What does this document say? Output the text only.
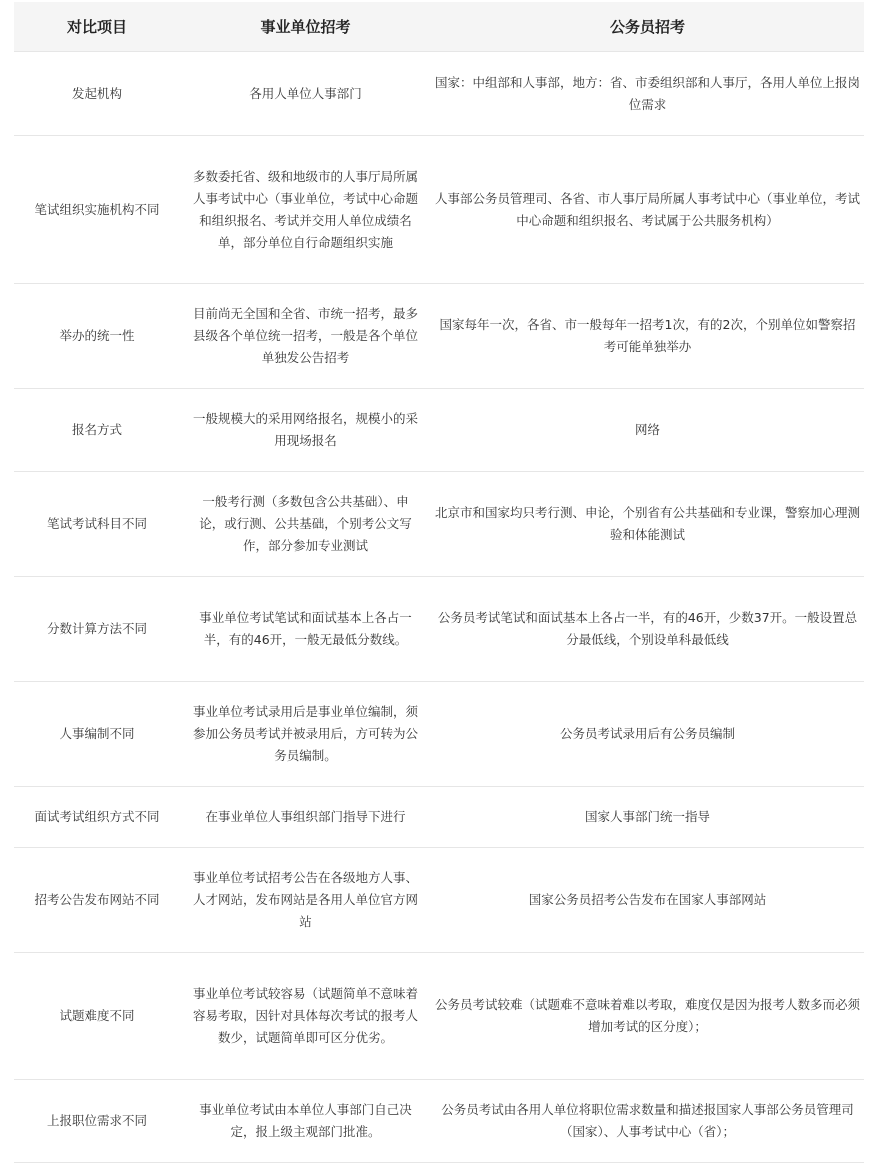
对比项目	事业单位招考	公务员招考
发起机构	各用人单位人事部门	国家：中组部和人事部，地方：省、市委组织部和人事厅，各用人单位上报岗位需求
笔试组织实施机构不同	多数委托省、级和地级市的人事厅局所属人事考试中心（事业单位，考试中心命题和组织报名、考试并交用人单位成绩名单，部分单位自行命题组织实施	人事部公务员管理司、各省、市人事厅局所属人事考试中心（事业单位，考试中心命题和组织报名、考试属于公共服务机构）
举办的统一性	目前尚无全国和全省、市统一招考，最多县级各个单位统一招考，一般是各个单位单独发公告招考	国家每年一次，各省、市一般每年一招考1次，有的2次，个别单位如警察招考可能单独举办
报名方式	一般规模大的采用网络报名，规模小的采用现场报名	网络
笔试考试科目不同	一般考行测（多数包含公共基础）、申论，或行测、公共基础，个别考公文写作，部分参加专业测试	北京市和国家均只考行测、申论，个别省有公共基础和专业课，警察加心理测验和体能测试
分数计算方法不同	事业单位考试笔试和面试基本上各占一半，有的46开，一般无最低分数线。	公务员考试笔试和面试基本上各占一半，有的46开，少数37开。一般设置总分最低线，个别设单科最低线
人事编制不同	事业单位考试录用后是事业单位编制，须参加公务员考试并被录用后，方可转为公务员编制。	公务员考试录用后有公务员编制
面试考试组织方式不同	在事业单位人事组织部门指导下进行	国家人事部门统一指导
招考公告发布网站不同	事业单位考试招考公告在各级地方人事、人才网站，发布网站是各用人单位官方网站	国家公务员招考公告发布在国家人事部网站
试题难度不同	事业单位考试较容易（试题简单不意味着容易考取，因针对具体每次考试的报考人数少，试题简单即可区分优劣。	公务员考试较难（试题难不意味着难以考取，难度仅是因为报考人数多而必须增加考试的区分度）；
上报职位需求不同	事业单位考试由本单位人事部门自己决定，报上级主观部门批准。	公务员考试由各用人单位将职位需求数量和描述报国家人事部公务员管理司（国家）、人事考试中心（省）；
